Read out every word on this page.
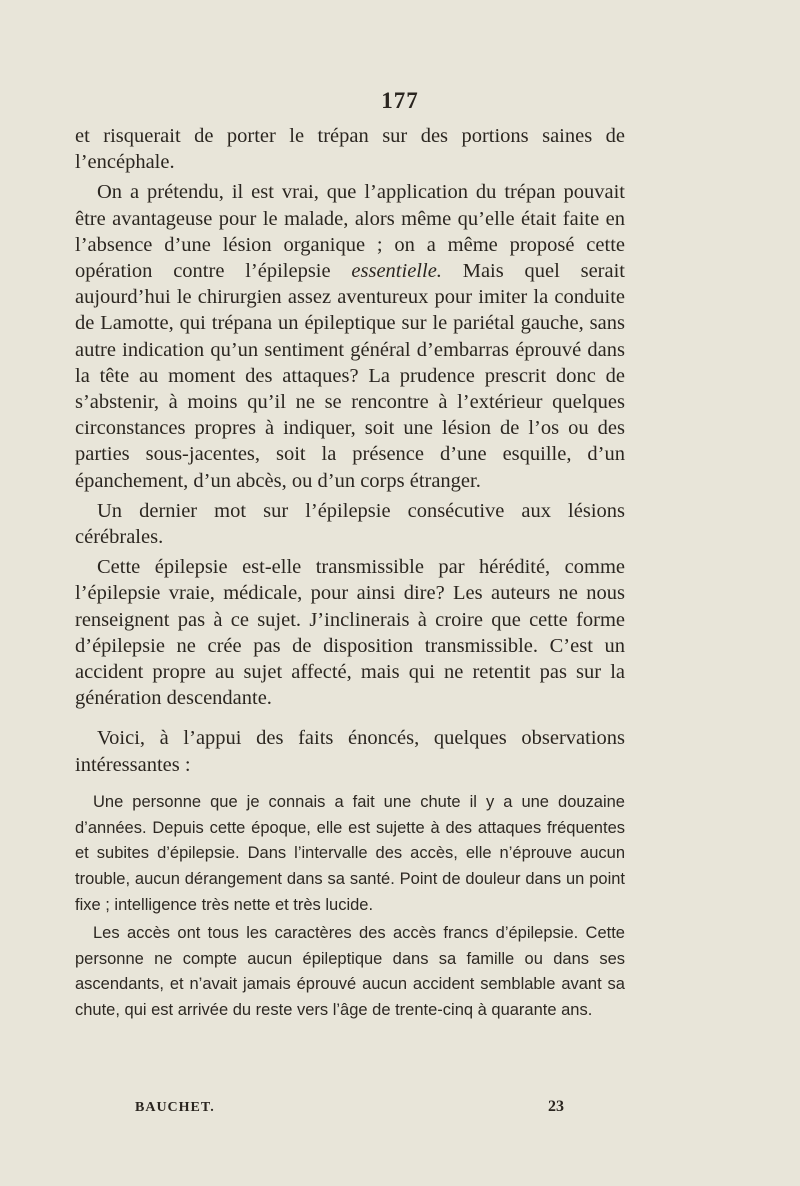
177

et risquerait de porter le trépan sur des portions saines de l’encéphale.

On a prétendu, il est vrai, que l’application du trépan pouvait être avantageuse pour le malade, alors même qu’elle était faite en l’absence d’une lésion organique ; on a même proposé cette opération contre l’épilepsie essentielle. Mais quel serait aujourd’hui le chirurgien assez aventureux pour imiter la conduite de Lamotte, qui trépana un épileptique sur le pariétal gauche, sans autre indication qu’un sentiment général d’embarras éprouvé dans la tête au moment des attaques? La prudence prescrit donc de s’abstenir, à moins qu’il ne se rencontre à l’extérieur quelques circonstances propres à indiquer, soit une lésion de l’os ou des parties sous-jacentes, soit la présence d’une esquille, d’un épanchement, d’un abcès, ou d’un corps étranger.

Un dernier mot sur l’épilepsie consécutive aux lésions cérébrales.

Cette épilepsie est-elle transmissible par hérédité, comme l’épilepsie vraie, médicale, pour ainsi dire? Les auteurs ne nous renseignent pas à ce sujet. J’inclinerais à croire que cette forme d’épilepsie ne crée pas de disposition transmissible. C’est un accident propre au sujet affecté, mais qui ne retentit pas sur la génération descendante.

Voici, à l’appui des faits énoncés, quelques observations intéressantes :

Une personne que je connais a fait une chute il y a une douzaine d’années. Depuis cette époque, elle est sujette à des attaques fréquentes et subites d’épilepsie. Dans l’intervalle des accès, elle n’éprouve aucun trouble, aucun dérangement dans sa santé. Point de douleur dans un point fixe ; intelligence très nette et très lucide.

Les accès ont tous les caractères des accès francs d’épilepsie. Cette personne ne compte aucun épileptique dans sa famille ou dans ses ascendants, et n’avait jamais éprouvé aucun accident semblable avant sa chute, qui est arrivée du reste vers l’âge de trente-cinq à quarante ans.

BAUCHET.	23
